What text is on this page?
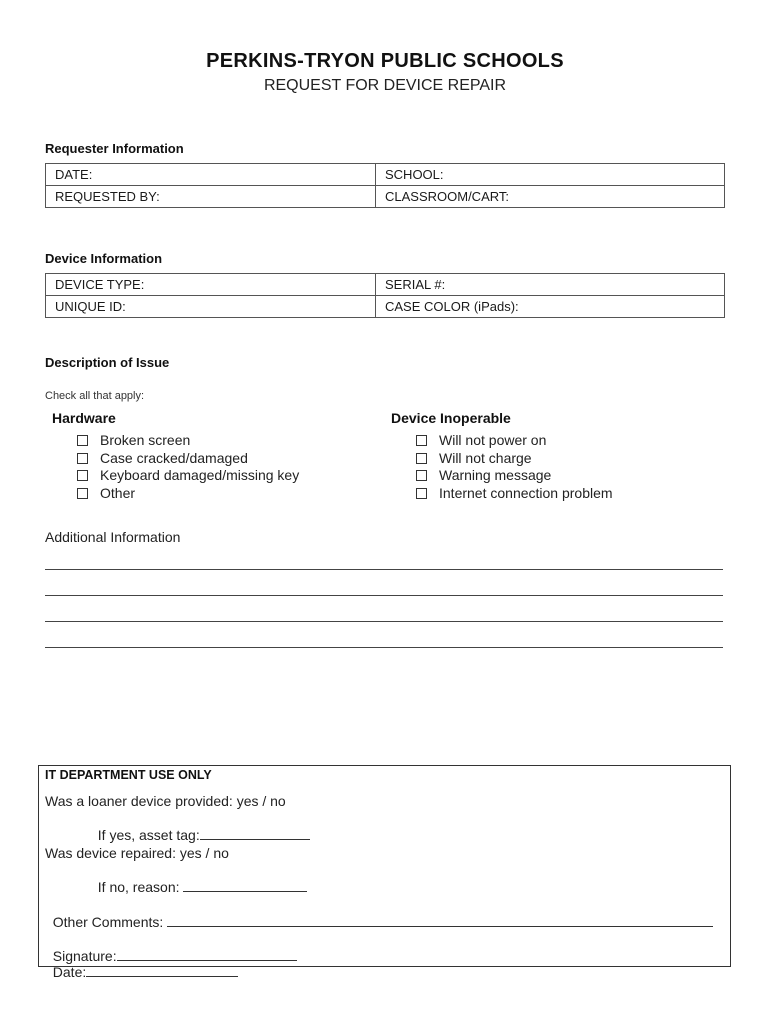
PERKINS-TRYON PUBLIC SCHOOLS
REQUEST FOR DEVICE REPAIR
Requester Information
DATE:	SCHOOL:
REQUESTED BY:	CLASSROOM/CART:
Device Information
DEVICE TYPE:	SERIAL #:
UNIQUE ID:	CASE COLOR (iPads):
Description of Issue
Check all that apply:
Hardware
Broken screen
Case cracked/damaged
Keyboard damaged/missing key
Other
Device Inoperable
Will not power on
Will not charge
Warning message
Internet connection problem
Additional Information
IT DEPARTMENT USE ONLY
Was a loaner device provided: yes / no

If yes, asset tag:

Was device repaired: yes / no

If no, reason:

Other Comments:

Signature:
Date:
